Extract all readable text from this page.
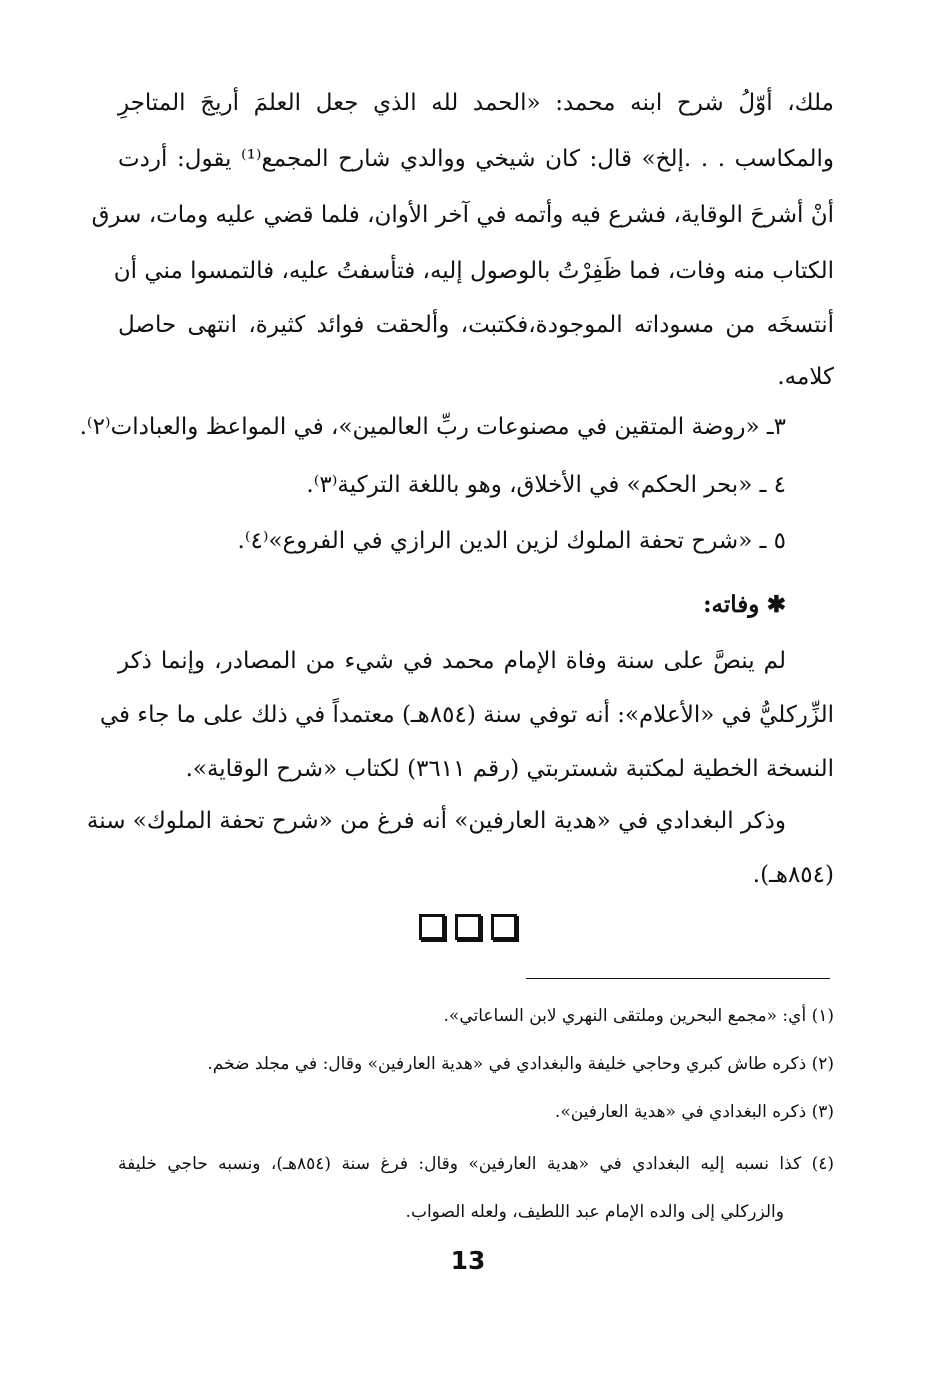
ملك، أوّلُ شرح ابنه محمد: «الحمد لله الذي جعل العلمَ أريجَ المتاجرِ
والمكاسب . . .إلخ» قال: كان شيخي ووالدي شارح المجمع⁽¹⁾ يقول: أردت
أنْ أشرحَ الوقاية، فشرع فيه وأتمه في آخر الأوان، فلما قضي عليه ومات، سرق
الكتاب منه وفات، فما ظَفِرْتُ بالوصول إليه، فتأسفتُ عليه، فالتمسوا مني أن
أنتسخَه من مسوداته الموجودة،فكتبت، وألحقت فوائد كثيرة، انتهى حاصل
كلامه.
٣ـ «روضة المتقين في مصنوعات ربِّ العالمين»، في المواعظ والعبادات⁽٢⁾.
٤ ـ «بحر الحكم» في الأخلاق، وهو باللغة التركية⁽٣⁾.
٥ ـ «شرح تحفة الملوك لزين الدين الرازي في الفروع»⁽٤⁾.
✱ وفاته:
لم ينصَّ على سنة وفاة الإمام محمد في شيء من المصادر، وإنما ذكر
الزِّركليُّ في «الأعلام»: أنه توفي سنة (٨٥٤هـ) معتمداً في ذلك على ما جاء في
النسخة الخطية لمكتبة شستربتي (رقم ٣٦١١) لكتاب «شرح الوقاية».
وذكر البغدادي في «هدية العارفين» أنه فرغ من «شرح تحفة الملوك» سنة
(٨٥٤هـ).
(١) أي: «مجمع البحرين وملتقى النهري لابن الساعاتي».
(٢) ذكره طاش كبري وحاجي خليفة والبغدادي في «هدية العارفين» وقال: في مجلد ضخم.
(٣) ذكره البغدادي في «هدية العارفين».
(٤) كذا نسبه إليه البغدادي في «هدية العارفين» وقال: فرغ سنة (٨٥٤هـ)، ونسبه حاجي خليفة
والزركلي إلى والده الإمام عبد اللطيف، ولعله الصواب.
13
